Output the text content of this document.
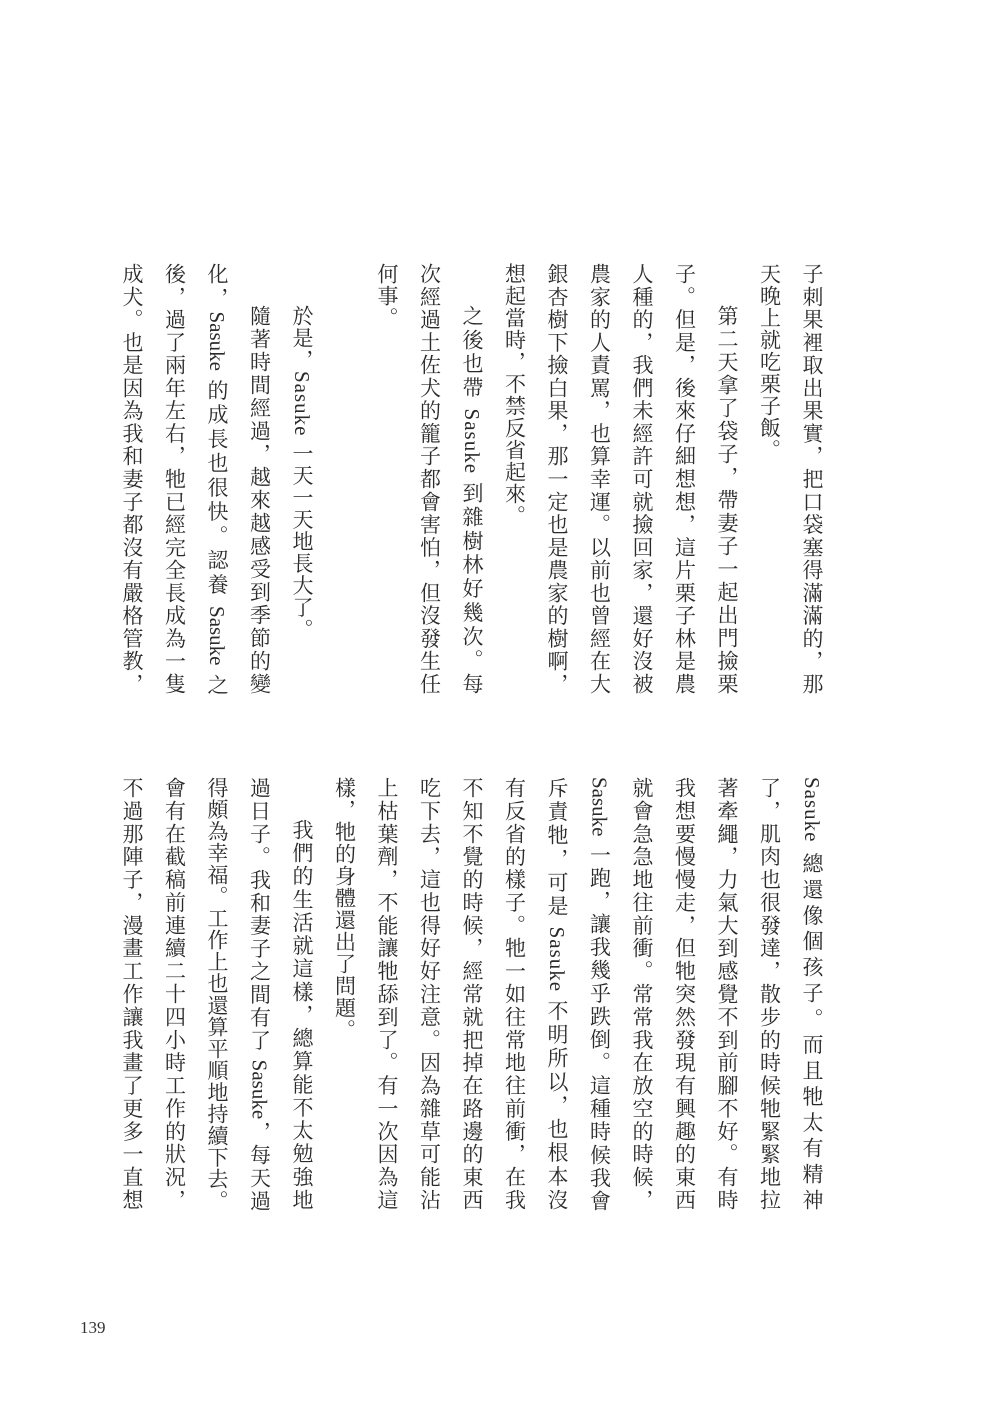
子刺果裡取出果實，把口袋塞得滿滿的，那
天晚上就吃栗子飯。
第二天拿了袋子，帶妻子一起出門撿栗
子。但是，後來仔細想想，這片栗子林是農
人種的，我們未經許可就撿回家，還好沒被
農家的人責罵，也算幸運。以前也曾經在大
銀杏樹下撿白果，那一定也是農家的樹啊，
想起當時，不禁反省起來。
之後也帶 Sasuke 到雜樹林好幾次。每
次經過土佐犬的籠子都會害怕，但沒發生任
何事。
於是，Sasuke 一天一天地長大了。
隨著時間經過，越來越感受到季節的變
化，Sasuke 的成長也很快。認養 Sasuke 之
後，過了兩年左右，牠已經完全長成為一隻
成犬。也是因為我和妻子都沒有嚴格管教，
Sasuke 總還像個孩子。而且牠太有精神
了，肌肉也很發達，散步的時候牠緊緊地拉
著牽繩，力氣大到感覺不到前腳不好。有時
我想要慢慢走，但牠突然發現有興趣的東西
就會急急地往前衝。常常我在放空的時候，
Sasuke 一跑，讓我幾乎跌倒。這種時候我會
斥責牠，可是 Sasuke 不明所以，也根本沒
有反省的樣子。牠一如往常地往前衝，在我
不知不覺的時候，經常就把掉在路邊的東西
吃下去，這也得好好注意。因為雜草可能沾
上枯葉劑，不能讓牠舔到了。有一次因為這
樣，牠的身體還出了問題。
我們的生活就這樣，總算能不太勉強地
過日子。我和妻子之間有了 Sasuke，每天過
得頗為幸福。工作上也還算平順地持續下去。
會有在截稿前連續二十四小時工作的狀況，
不過那陣子，漫畫工作讓我畫了更多一直想
139
